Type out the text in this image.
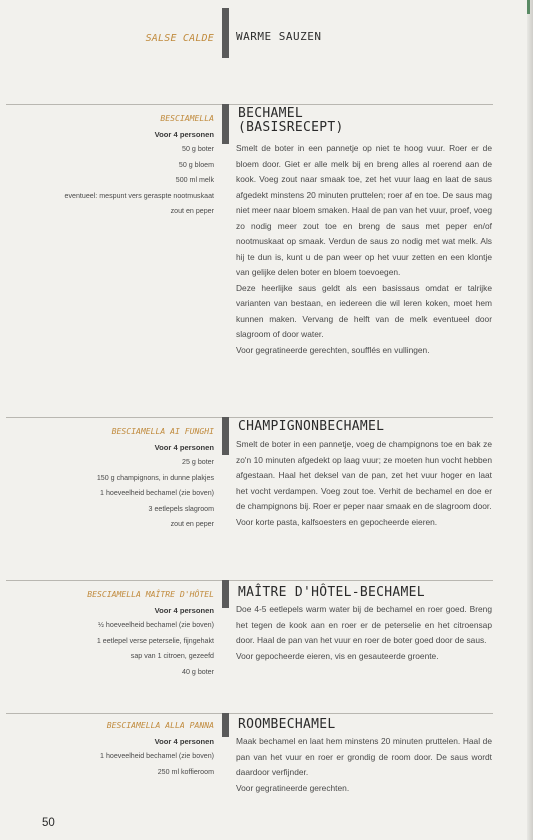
SALSE CALDE WARME SAUZEN
BESCIAMELLA
Voor 4 personen
50 g boter
50 g bloem
500 ml melk
eventueel: mespunt vers geraspte nootmuskaat
zout en peper
BECHAMEL
(BASISRECEPT)

Smelt de boter in een pannetje op niet te hoog vuur. Roer er de bloem door. Giet er alle melk bij en breng alles al roerend aan de kook. Voeg zout naar smaak toe, zet het vuur laag en laat de saus afgedekt minstens 20 minuten pruttelen; roer af en toe. De saus mag niet meer naar bloem smaken. Haal de pan van het vuur, proef, voeg zo nodig meer zout toe en breng de saus met peper en/of nootmuskaat op smaak. Verdun de saus zo nodig met wat melk. Als hij te dun is, kunt u de pan weer op het vuur zetten en een klontje van gelijke delen boter en bloem toevoegen.

Deze heerlijke saus geldt als een basissaus omdat er talrijke varianten van bestaan, en iedereen die wil leren koken, moet hem kunnen maken. Vervang de helft van de melk eventueel door slagroom of door water.

Voor gegratineerde gerechten, soufflés en vullingen.

BESCIAMELLA AI FUNGHI
Voor 4 personen
25 g boter
150 g champignons, in dunne plakjes
1 hoeveelheid bechamel (zie boven)
3 eetlepels slagroom
zout en peper
CHAMPIGNONBECHAMEL

Smelt de boter in een pannetje, voeg de champignons toe en bak ze zo'n 10 minuten afgedekt op laag vuur; ze moeten hun vocht hebben afgestaan. Haal het deksel van de pan, zet het vuur hoger en laat het vocht verdampen. Voeg zout toe. Verhit de bechamel en doe er de champignons bij. Roer er peper naar smaak en de slagroom door.

Voor korte pasta, kalfsoesters en gepocheerde eieren.

BESCIAMELLA MAÎTRE D'HÔTEL
Voor 4 personen
½ hoeveelheid bechamel (zie boven)
1 eetlepel verse peterselie, fijngehakt
sap van 1 citroen, gezeefd
40 g boter
MAÎTRE D'HÔTEL-BECHAMEL

Doe 4-5 eetlepels warm water bij de bechamel en roer goed. Breng het tegen de kook aan en roer er de peterselie en het citroensap door. Haal de pan van het vuur en roer de boter goed door de saus.

Voor gepocheerde eieren, vis en gesauteerde groente.

BESCIAMELLA ALLA PANNA
Voor 4 personen
1 hoeveelheid bechamel (zie boven)
250 ml koffieroom
ROOMBECHAMEL

Maak bechamel en laat hem minstens 20 minuten pruttelen. Haal de pan van het vuur en roer er grondig de room door. De saus wordt daardoor verfijnder.

Voor gegratineerde gerechten.

50
